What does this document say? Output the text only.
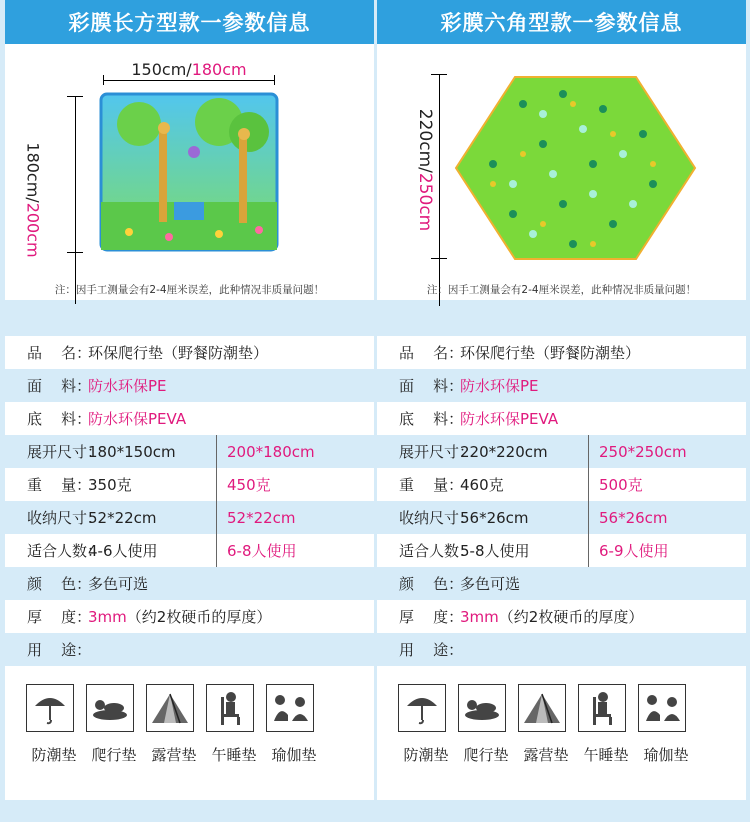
彩膜长方型款一参数信息
150cm/180cm
180cm/200cm
注：因手工测量会有2-4厘米误差，此种情况非质量问题！
品    名：
环保爬行垫（野餐防潮垫）
面    料：
防水环保PE
底    料：
防水环保PEVA
展开尺寸：
180*150cm	200*180cm
重    量：
350克	450克
收纳尺寸：
52*22cm	52*22cm
适合人数：
4-6人使用	6-8人使用
颜    色：
多色可选
厚    度：
3mm（约2枚硬币的厚度）
用    途：
防潮垫 爬行垫 露营垫 午睡垫 瑜伽垫
彩膜六角型款一参数信息
220cm/250cm
注：因手工测量会有2-4厘米误差，此种情况非质量问题！
品    名：
环保爬行垫（野餐防潮垫）
面    料：
防水环保PE
底    料：
防水环保PEVA
展开尺寸：
220*220cm	250*250cm
重    量：
460克	500克
收纳尺寸：
56*26cm	56*26cm
适合人数：
5-8人使用	6-9人使用
颜    色：
多色可选
厚    度：
3mm（约2枚硬币的厚度）
用    途：
防潮垫 爬行垫 露营垫 午睡垫 瑜伽垫
